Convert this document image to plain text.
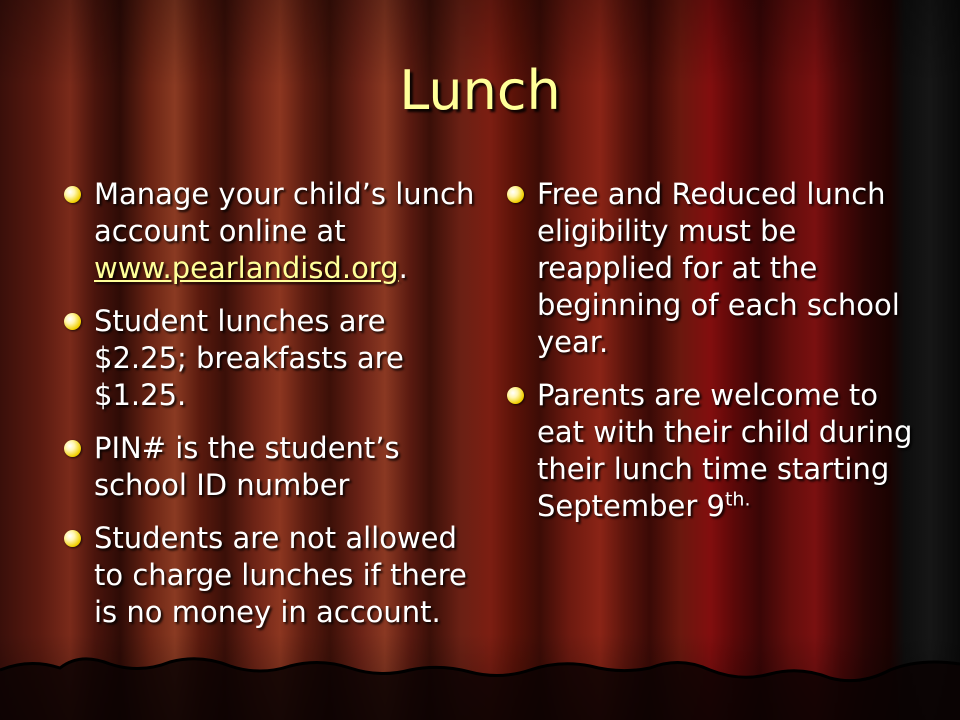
Lunch
Manage your child’s lunch account online at www.pearlandisd.org.
Student lunches are $2.25; breakfasts are $1.25.
PIN# is the student’s school ID number
Students are not allowed to charge lunches if there is no money in account.
Free and Reduced lunch eligibility must be reapplied for at the beginning of each school year.
Parents are welcome to eat with their child during their lunch time starting September $9^{th.}$
